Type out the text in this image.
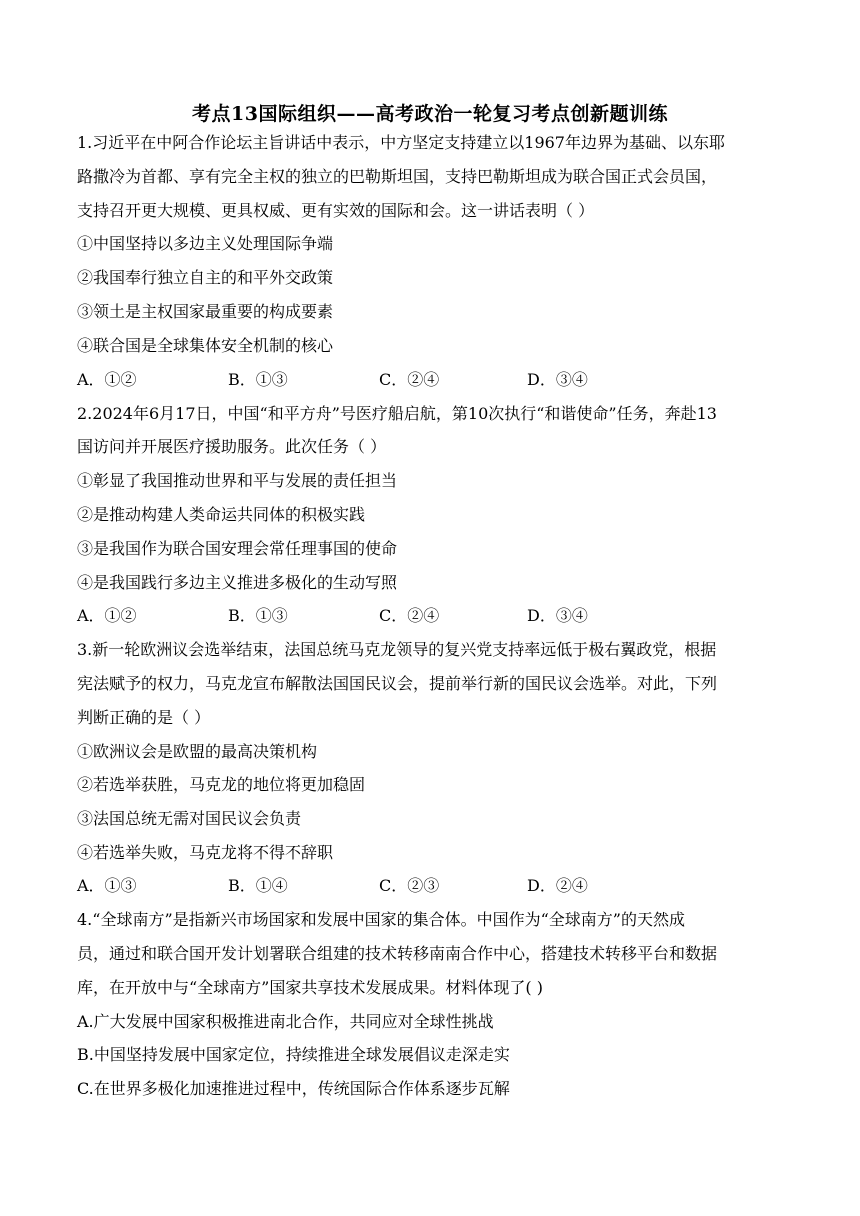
考点13国际组织——高考政治一轮复习考点创新题训练
1.习近平在中阿合作论坛主旨讲话中表示，中方坚定支持建立以1967年边界为基础、以东耶
路撒冷为首都、享有完全主权的独立的巴勒斯坦国，支持巴勒斯坦成为联合国正式会员国，
支持召开更大规模、更具权威、更有实效的国际和会。这一讲话表明（ ）
①中国坚持以多边主义处理国际争端
②我国奉行独立自主的和平外交政策
③领土是主权国家最重要的构成要素
④联合国是全球集体安全机制的核心
A．①②	B．①③	C．②④	D．③④
2.2024年6月17日，中国“和平方舟”号医疗船启航，第10次执行“和谐使命”任务，奔赴13
国访问并开展医疗援助服务。此次任务（ ）
①彰显了我国推动世界和平与发展的责任担当
②是推动构建人类命运共同体的积极实践
③是我国作为联合国安理会常任理事国的使命
④是我国践行多边主义推进多极化的生动写照
A．①②	B．①③	C．②④	D．③④
3.新一轮欧洲议会选举结束，法国总统马克龙领导的复兴党支持率远低于极右翼政党，根据
宪法赋予的权力，马克龙宣布解散法国国民议会，提前举行新的国民议会选举。对此，下列
判断正确的是（ ）
①欧洲议会是欧盟的最高决策机构
②若选举获胜，马克龙的地位将更加稳固
③法国总统无需对国民议会负责
④若选举失败，马克龙将不得不辞职
A．①③	B．①④	C．②③	D．②④
4.“全球南方”是指新兴市场国家和发展中国家的集合体。中国作为“全球南方”的天然成
员，通过和联合国开发计划署联合组建的技术转移南南合作中心，搭建技术转移平台和数据
库，在开放中与“全球南方”国家共享技术发展成果。材料体现了( )
A.广大发展中国家积极推进南北合作，共同应对全球性挑战
B.中国坚持发展中国家定位，持续推进全球发展倡议走深走实
C.在世界多极化加速推进过程中，传统国际合作体系逐步瓦解
